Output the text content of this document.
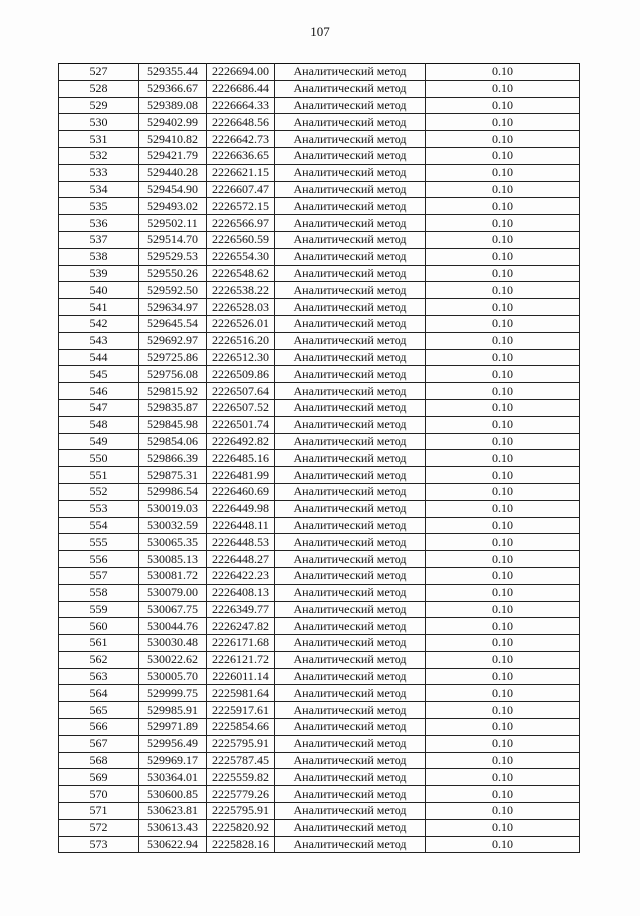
107
527	529355.44	2226694.00	Аналитический метод	0.10
528	529366.67	2226686.44	Аналитический метод	0.10
529	529389.08	2226664.33	Аналитический метод	0.10
530	529402.99	2226648.56	Аналитический метод	0.10
531	529410.82	2226642.73	Аналитический метод	0.10
532	529421.79	2226636.65	Аналитический метод	0.10
533	529440.28	2226621.15	Аналитический метод	0.10
534	529454.90	2226607.47	Аналитический метод	0.10
535	529493.02	2226572.15	Аналитический метод	0.10
536	529502.11	2226566.97	Аналитический метод	0.10
537	529514.70	2226560.59	Аналитический метод	0.10
538	529529.53	2226554.30	Аналитический метод	0.10
539	529550.26	2226548.62	Аналитический метод	0.10
540	529592.50	2226538.22	Аналитический метод	0.10
541	529634.97	2226528.03	Аналитический метод	0.10
542	529645.54	2226526.01	Аналитический метод	0.10
543	529692.97	2226516.20	Аналитический метод	0.10
544	529725.86	2226512.30	Аналитический метод	0.10
545	529756.08	2226509.86	Аналитический метод	0.10
546	529815.92	2226507.64	Аналитический метод	0.10
547	529835.87	2226507.52	Аналитический метод	0.10
548	529845.98	2226501.74	Аналитический метод	0.10
549	529854.06	2226492.82	Аналитический метод	0.10
550	529866.39	2226485.16	Аналитический метод	0.10
551	529875.31	2226481.99	Аналитический метод	0.10
552	529986.54	2226460.69	Аналитический метод	0.10
553	530019.03	2226449.98	Аналитический метод	0.10
554	530032.59	2226448.11	Аналитический метод	0.10
555	530065.35	2226448.53	Аналитический метод	0.10
556	530085.13	2226448.27	Аналитический метод	0.10
557	530081.72	2226422.23	Аналитический метод	0.10
558	530079.00	2226408.13	Аналитический метод	0.10
559	530067.75	2226349.77	Аналитический метод	0.10
560	530044.76	2226247.82	Аналитический метод	0.10
561	530030.48	2226171.68	Аналитический метод	0.10
562	530022.62	2226121.72	Аналитический метод	0.10
563	530005.70	2226011.14	Аналитический метод	0.10
564	529999.75	2225981.64	Аналитический метод	0.10
565	529985.91	2225917.61	Аналитический метод	0.10
566	529971.89	2225854.66	Аналитический метод	0.10
567	529956.49	2225795.91	Аналитический метод	0.10
568	529969.17	2225787.45	Аналитический метод	0.10
569	530364.01	2225559.82	Аналитический метод	0.10
570	530600.85	2225779.26	Аналитический метод	0.10
571	530623.81	2225795.91	Аналитический метод	0.10
572	530613.43	2225820.92	Аналитический метод	0.10
573	530622.94	2225828.16	Аналитический метод	0.10
